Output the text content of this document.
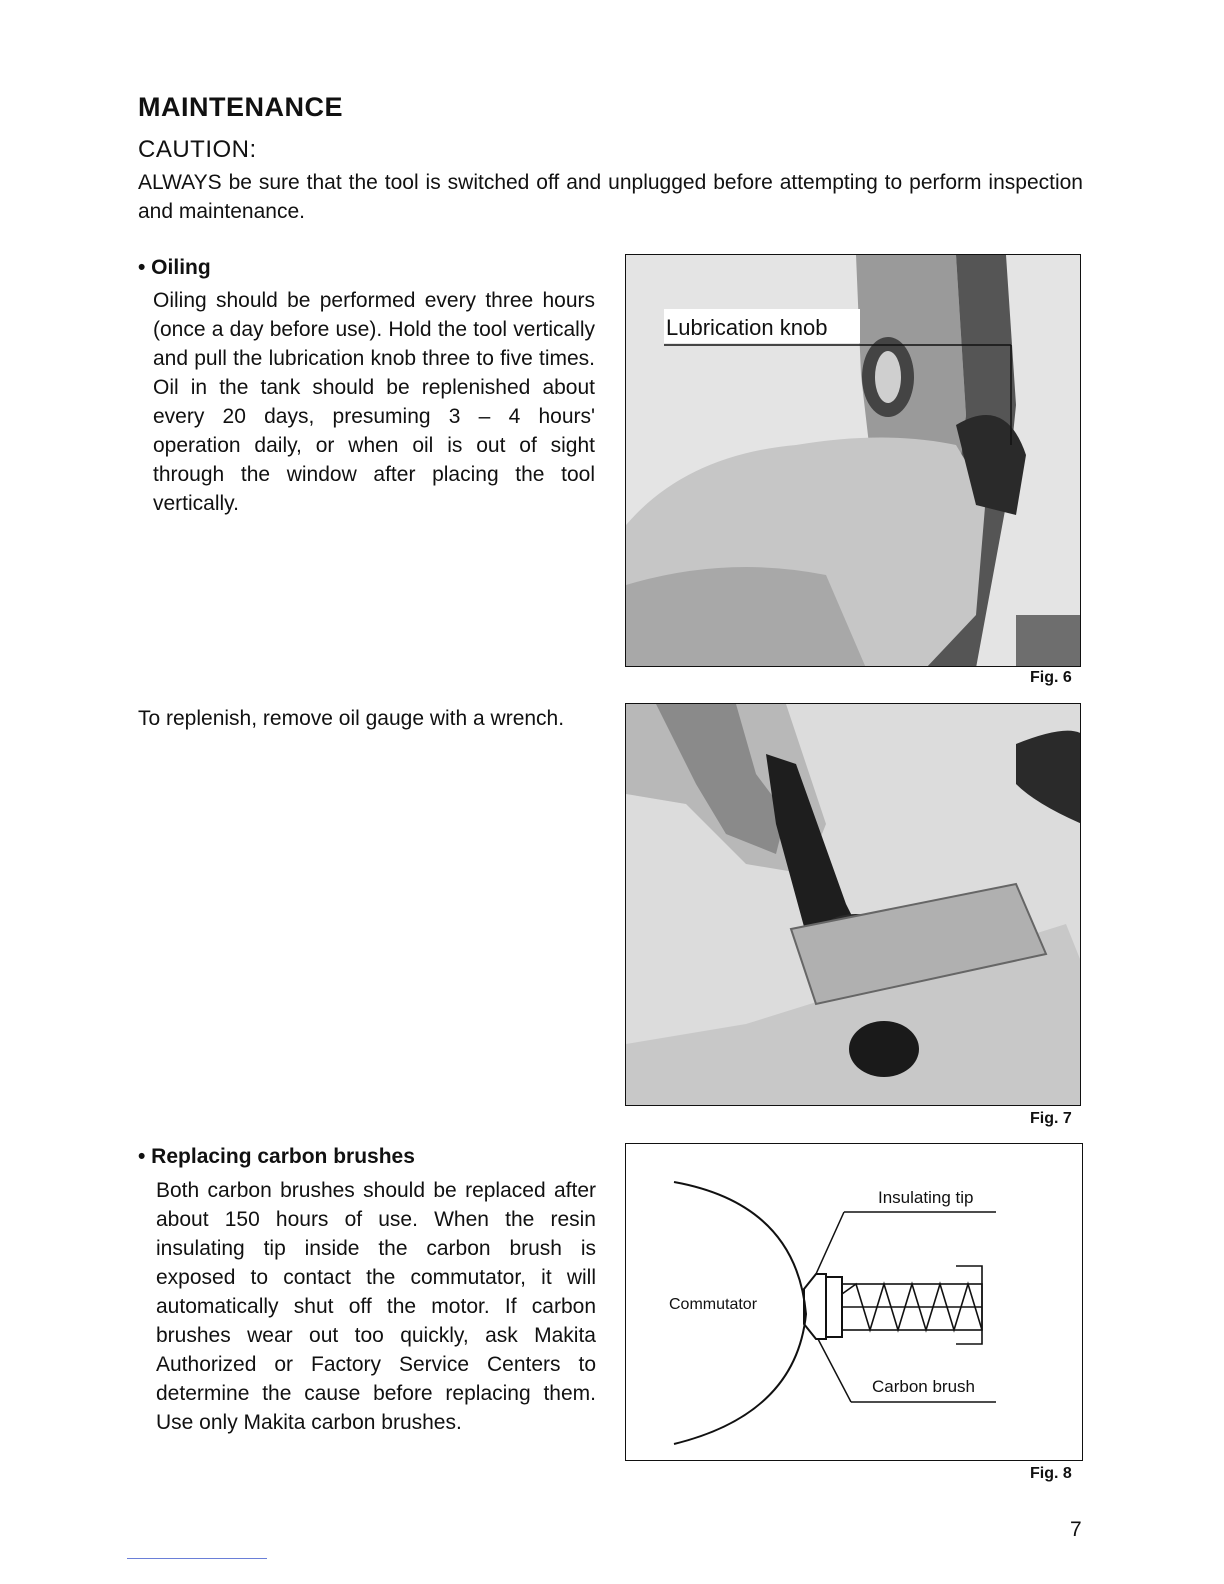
MAINTENANCE
CAUTION:
ALWAYS be sure that the tool is switched off and unplugged before attempting to perform inspection and maintenance.
• Oiling
Oiling should be performed every three hours (once a day before use). Hold the tool vertically and pull the lubrication knob three to five times. Oil in the tank should be replenished about every 20 days, presuming 3 – 4 hours' operation daily, or when oil is out of sight through the window after placing the tool vertically.
Lubrication knob
Fig. 6
To replenish, remove oil gauge with a wrench.
Fig. 7
• Replacing carbon brushes
Both carbon brushes should be replaced after about 150 hours of use. When the resin insulating tip inside the carbon brush is exposed to contact the commutator, it will automatically shut off the motor. If carbon brushes wear out too quickly, ask Makita Authorized or Factory Service Centers to determine the cause before replacing them. Use only Makita carbon brushes.
Insulating tip
Commutator
Carbon brush
Fig. 8
7
